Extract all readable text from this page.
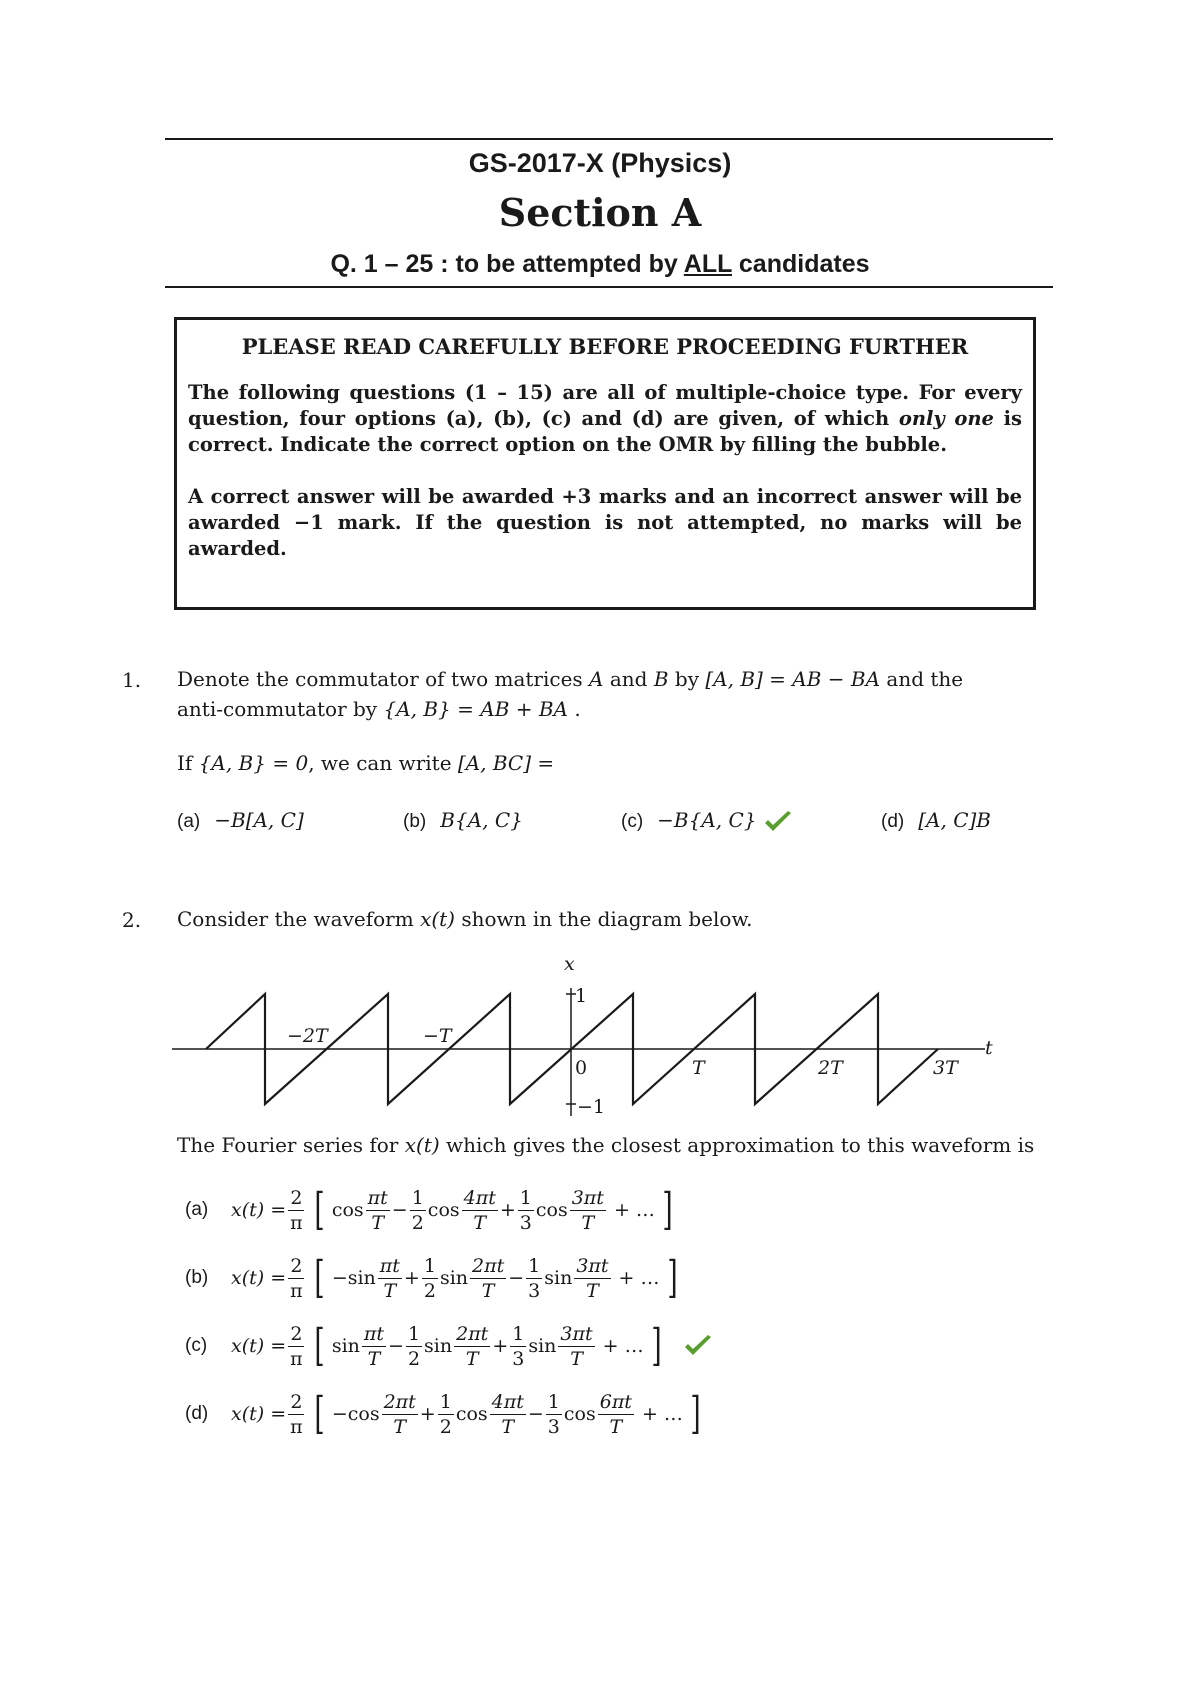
GS-2017-X (Physics)
Section A
Q. 1 – 25 : to be attempted by ALL candidates
PLEASE READ CAREFULLY BEFORE PROCEEDING FURTHER

The following questions (1 – 15) are all of multiple-choice type. For every question, four options (a), (b), (c) and (d) are given, of which only one is correct. Indicate the correct option on the OMR by filling the bubble.

A correct answer will be awarded +3 marks and an incorrect answer will be awarded −1 mark. If the question is not attempted, no marks will be awarded.

1. Denote the commutator of two matrices A and B by [A, B] = AB − BA and the
anti-commutator by {A, B} = AB + BA .
If {A, B} = 0, we can write [A, BC] =
(a) −B[A, C]	(b) B{A, C}	(c) −B{A, C}	(d) [A, C]B
2. Consider the waveform x(t) shown in the diagram below.
x
t
1
−1
0
−2T	−T
T	2T	3T
The Fourier series for x(t) which gives the closest approximation to this waveform is
(a)	$x(t) = \frac{2}{\pi}$ [ $\cos \frac{\pi t}{T} - \frac{1}{2}$ $\cos \frac{4\pi t}{T} + \frac{1}{3}$ $\cos \frac{3\pi t}{T}$ + … ]
(b)	$x(t) = \frac{2}{\pi}$ [ $-\sin \frac{\pi t}{T} + \frac{1}{2}$ $\sin \frac{2\pi t}{T} - \frac{1}{3}$ $\sin \frac{3\pi t}{T}$ + … ]
(c)	$x(t) = \frac{2}{\pi}$ [ $\sin \frac{\pi t}{T} - \frac{1}{2}$ $\sin \frac{2\pi t}{T} + \frac{1}{3}$ $\sin \frac{3\pi t}{T}$ + … ]
(d)	$x(t) = \frac{2}{\pi}$ [ $-\cos \frac{2\pi t}{T} + \frac{1}{2}$ $\cos \frac{4\pi t}{T} - \frac{1}{3}$ $\cos \frac{6\pi t}{T}$ + … ]
